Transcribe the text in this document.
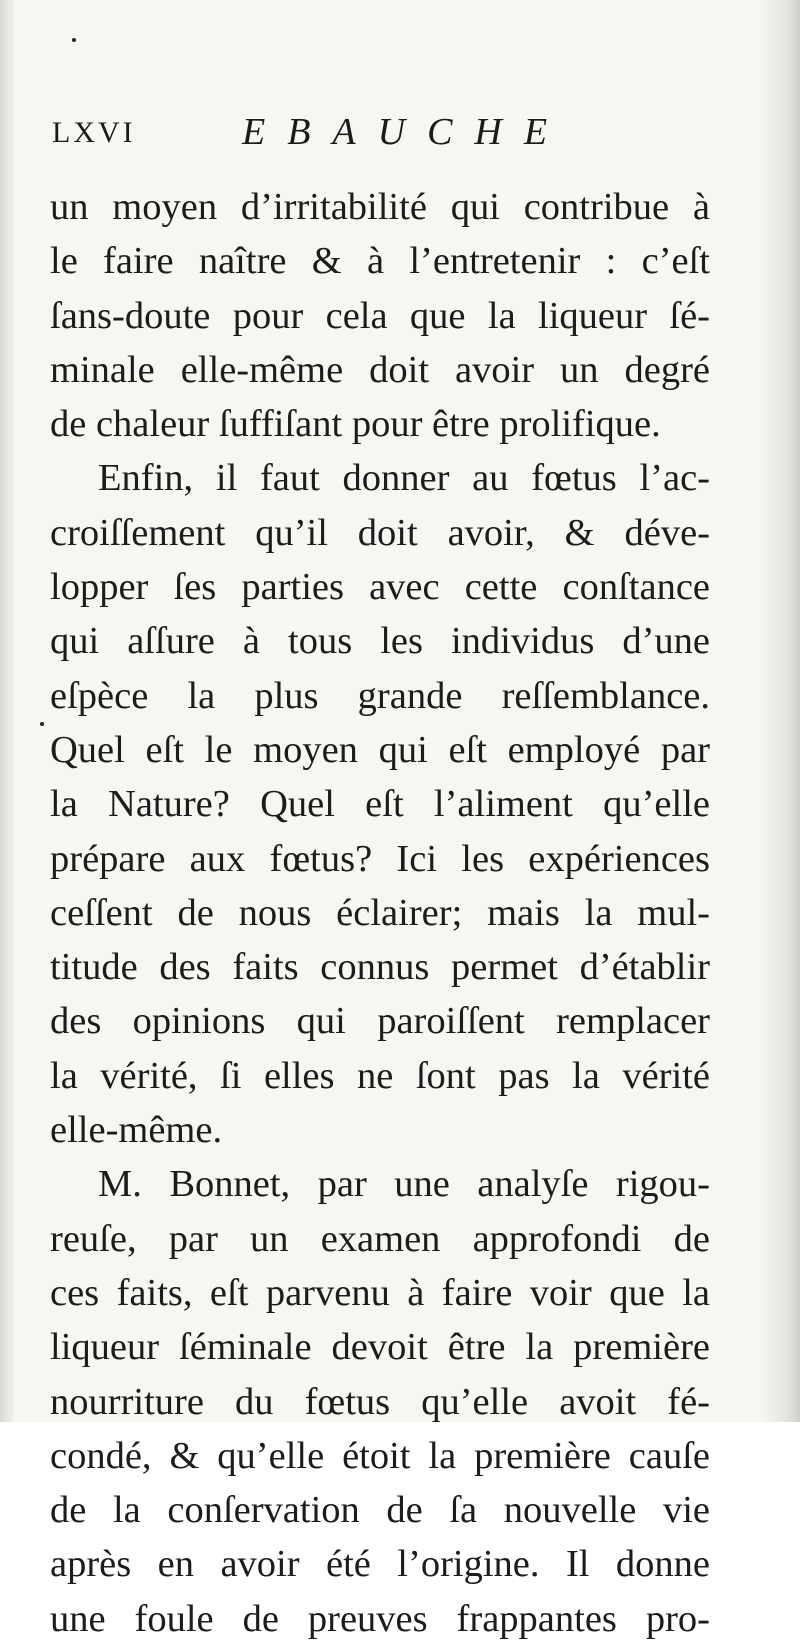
LXVI	EBAUCHE
un moyen d’irritabilité qui contribue à
le faire naître & à l’entretenir : c’eſt
ſans-doute pour cela que la liqueur ſé-
minale elle-même doit avoir un degré
de chaleur ſuffiſant pour être prolifique.
Enfin, il faut donner au fœtus l’ac-
croiſſement qu’il doit avoir, & déve-
lopper ſes parties avec cette conſtance
qui aſſure à tous les individus d’une
eſpèce la plus grande reſſemblance.
Quel eſt le moyen qui eſt employé par
la Nature? Quel eſt l’aliment qu’elle
prépare aux fœtus? Ici les expériences
ceſſent de nous éclairer; mais la mul-
titude des faits connus permet d’établir
des opinions qui paroiſſent remplacer
la vérité, ſi elles ne ſont pas la vérité
elle-même.
M. Bonnet, par une analyſe rigou-
reuſe, par un examen approfondi de
ces faits, eſt parvenu à faire voir que la
liqueur ſéminale devoit être la première
nourriture du fœtus qu’elle avoit fé-
condé, & qu’elle étoit la première cauſe
de la conſervation de ſa nouvelle vie
après en avoir été l’origine. Il donne
une foule de preuves frappantes pro-
